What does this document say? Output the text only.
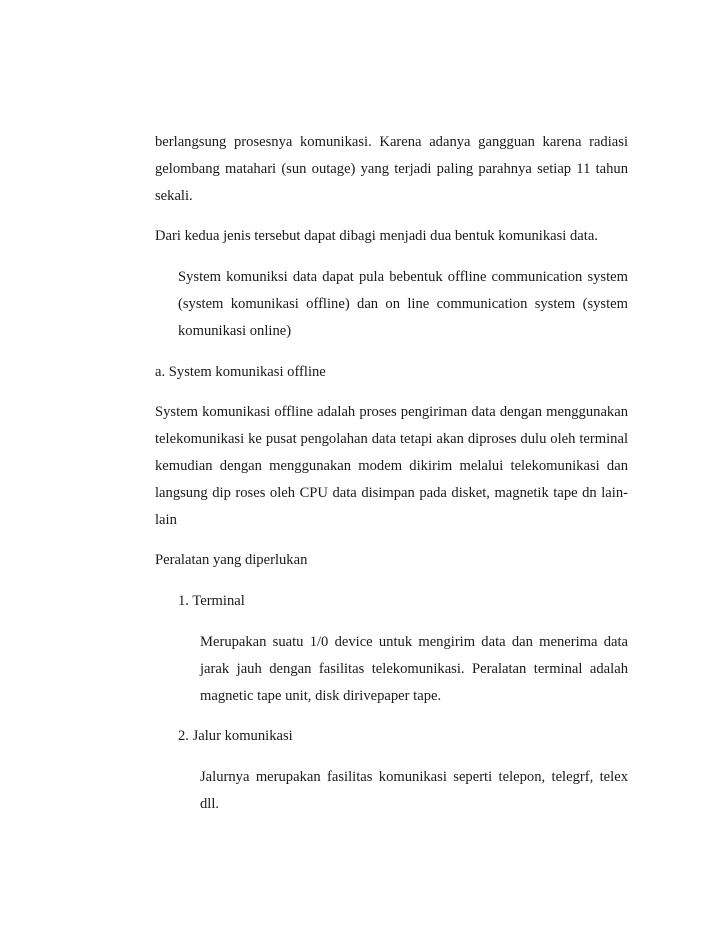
berlangsung prosesnya komunikasi. Karena adanya gangguan karena radiasi gelombang matahari (sun outage) yang terjadi paling parahnya setiap 11 tahun sekali.

Dari kedua jenis tersebut dapat dibagi menjadi dua bentuk komunikasi data.

System komuniksi data dapat pula bebentuk offline communication system (system komunikasi offline) dan on line communication system (system komunikasi online)

a. System komunikasi offline

System komunikasi offline adalah proses pengiriman data dengan menggunakan telekomunikasi ke pusat pengolahan data tetapi akan diproses dulu oleh terminal kemudian dengan menggunakan modem dikirim melalui telekomunikasi dan langsung dip roses oleh CPU data disimpan pada disket, magnetik tape dn lain-lain

Peralatan yang diperlukan

1. Terminal

Merupakan suatu 1/0 device untuk mengirim data dan menerima data jarak jauh dengan fasilitas telekomunikasi. Peralatan terminal adalah magnetic tape unit, disk dirivepaper tape.

2. Jalur komunikasi

Jalurnya merupakan fasilitas komunikasi seperti telepon, telegrf, telex dll.
